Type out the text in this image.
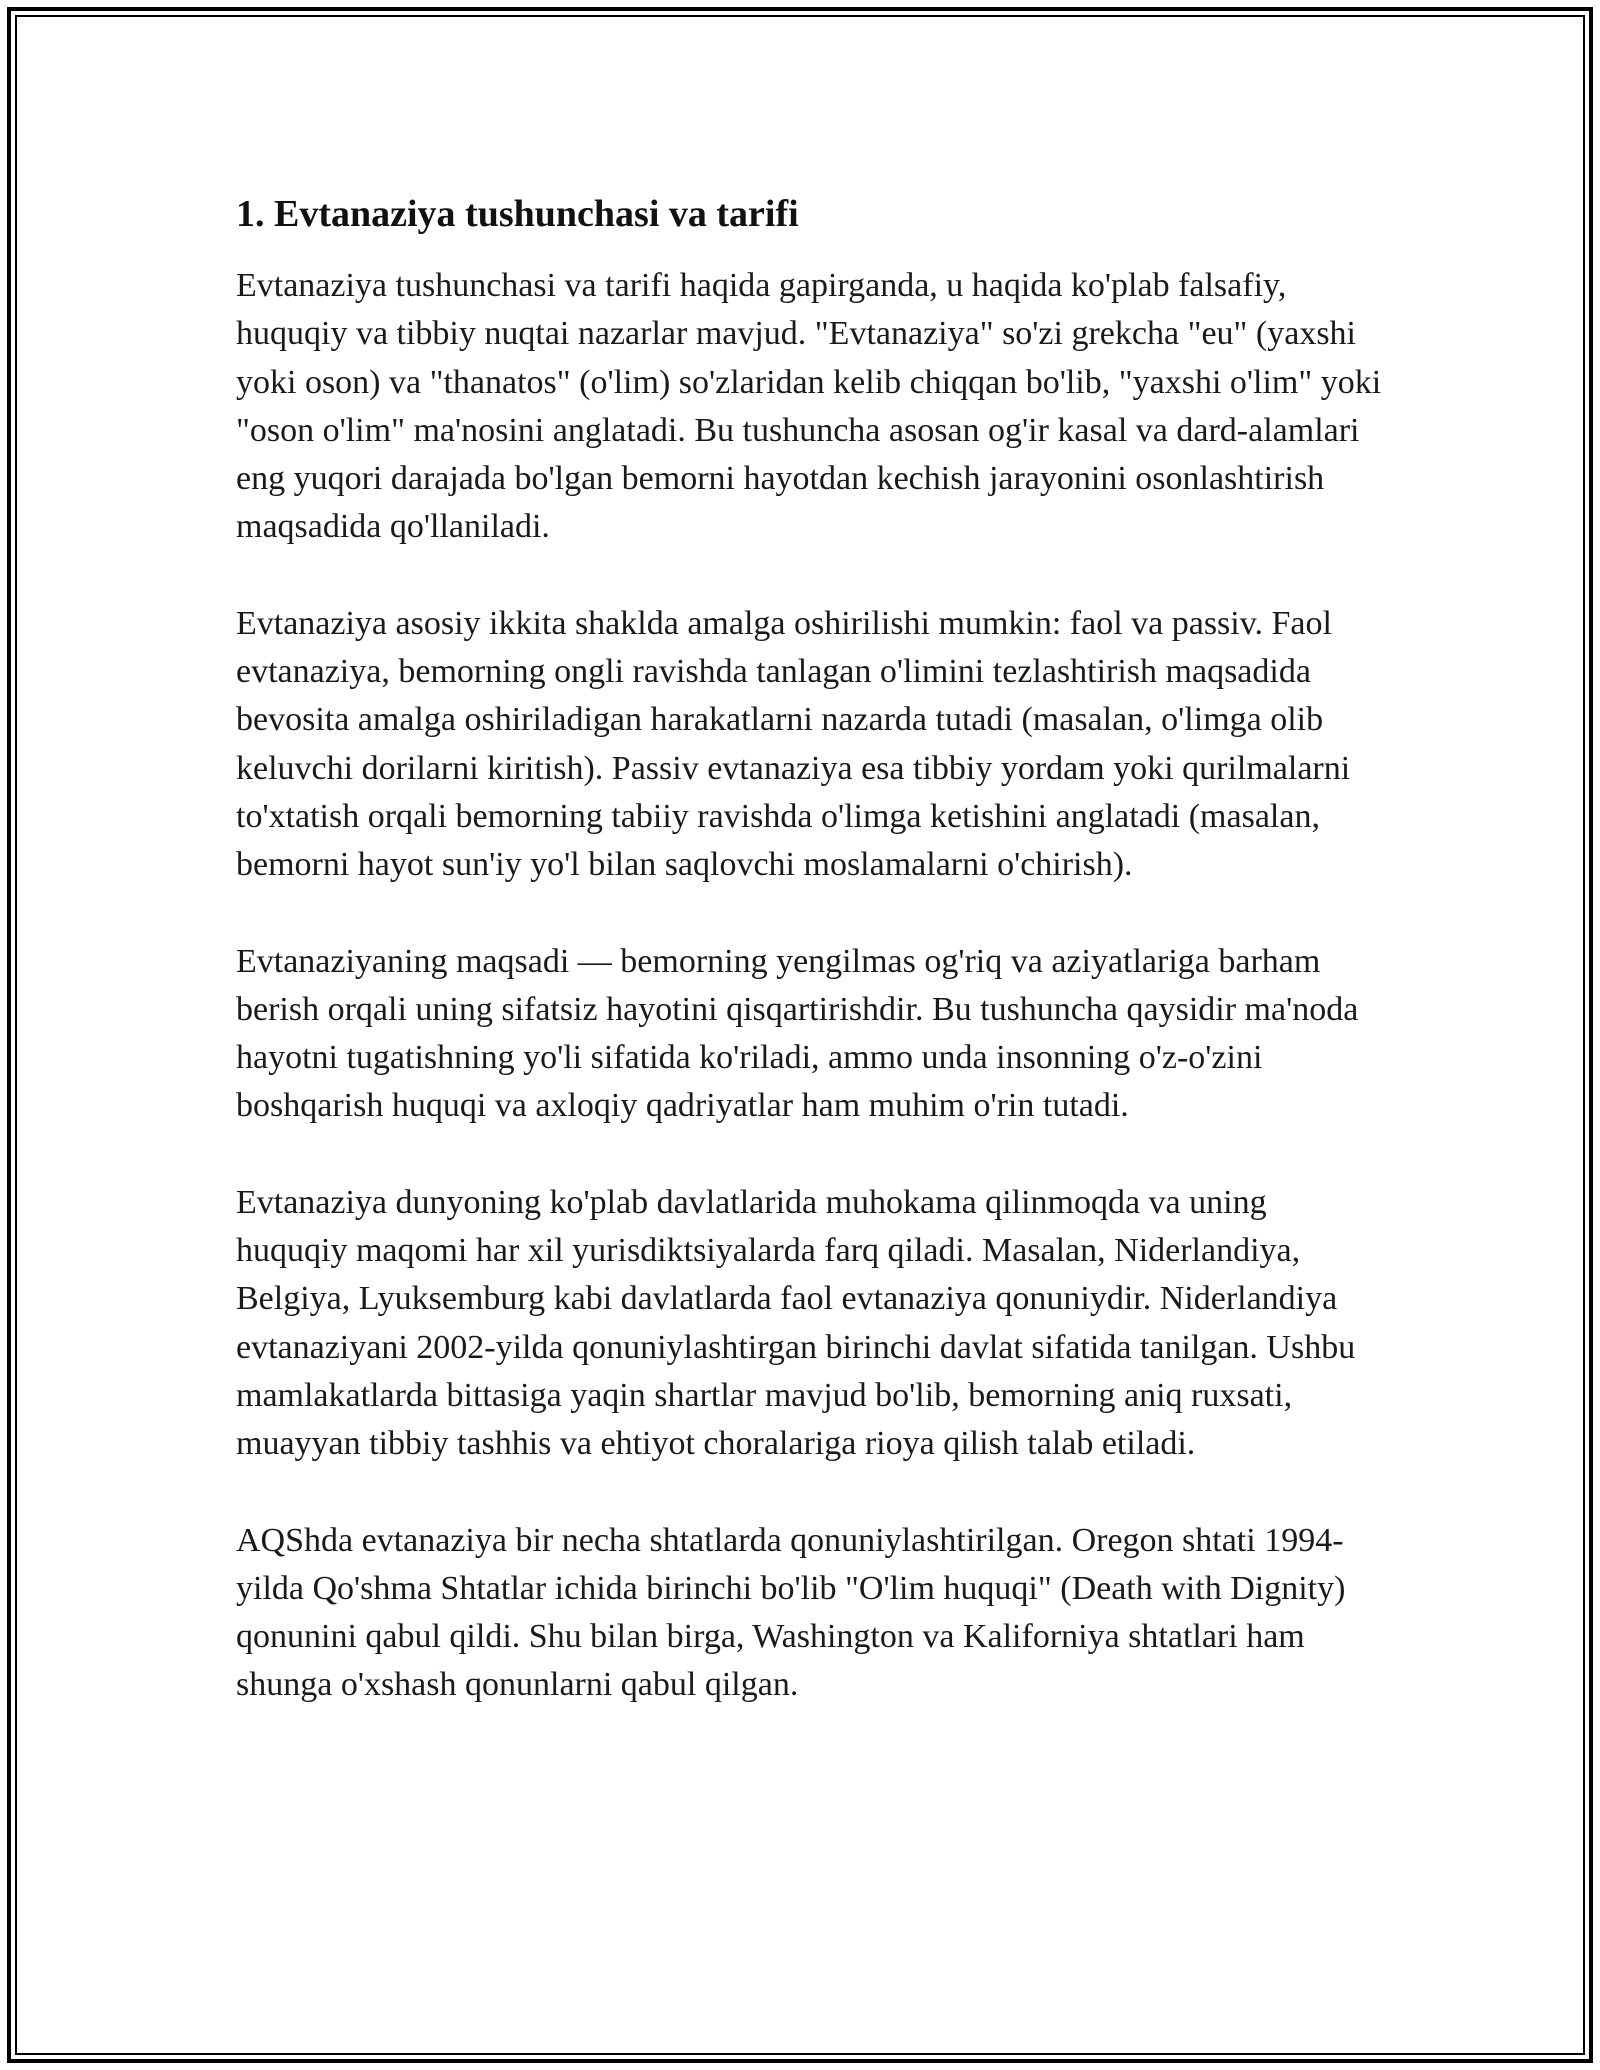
1. Evtanaziya tushunchasi va tarifi

Evtanaziya tushunchasi va tarifi haqida gapirganda, u haqida ko'plab falsafiy, huquqiy va tibbiy nuqtai nazarlar mavjud. "Evtanaziya" so'zi grekcha "eu" (yaxshi yoki oson) va "thanatos" (o'lim) so'zlaridan kelib chiqqan bo'lib, "yaxshi o'lim" yoki "oson o'lim" ma'nosini anglatadi. Bu tushuncha asosan og'ir kasal va dard-alamlari eng yuqori darajada bo'lgan bemorni hayotdan kechish jarayonini osonlashtirish maqsadida qo'llaniladi.

Evtanaziya asosiy ikkita shaklda amalga oshirilishi mumkin: faol va passiv. Faol evtanaziya, bemorning ongli ravishda tanlagan o'limini tezlashtirish maqsadida bevosita amalga oshiriladigan harakatlarni nazarda tutadi (masalan, o'limga olib keluvchi dorilarni kiritish). Passiv evtanaziya esa tibbiy yordam yoki qurilmalarni to'xtatish orqali bemorning tabiiy ravishda o'limga ketishini anglatadi (masalan, bemorni hayot sun'iy yo'l bilan saqlovchi moslamalarni o'chirish).

Evtanaziyaning maqsadi — bemorning yengilmas og'riq va aziyatlariga barham berish orqali uning sifatsiz hayotini qisqartirishdir. Bu tushuncha qaysidir ma'noda hayotni tugatishning yo'li sifatida ko'riladi, ammo unda insonning o'z-o'zini boshqarish huquqi va axloqiy qadriyatlar ham muhim o'rin tutadi.

Evtanaziya dunyoning ko'plab davlatlarida muhokama qilinmoqda va uning huquqiy maqomi har xil yurisdiktsiyalarda farq qiladi. Masalan, Niderlandiya, Belgiya, Lyuksemburg kabi davlatlarda faol evtanaziya qonuniydir. Niderlandiya evtanaziyani 2002-yilda qonuniylashtirgan birinchi davlat sifatida tanilgan. Ushbu mamlakatlarda bittasiga yaqin shartlar mavjud bo'lib, bemorning aniq ruxsati, muayyan tibbiy tashhis va ehtiyot choralariga rioya qilish talab etiladi.

AQShda evtanaziya bir necha shtatlarda qonuniylashtirilgan. Oregon shtati 1994-yilda Qo'shma Shtatlar ichida birinchi bo'lib "O'lim huquqi" (Death with Dignity) qonunini qabul qildi. Shu bilan birga, Washington va Kaliforniya shtatlari ham shunga o'xshash qonunlarni qabul qilgan.
